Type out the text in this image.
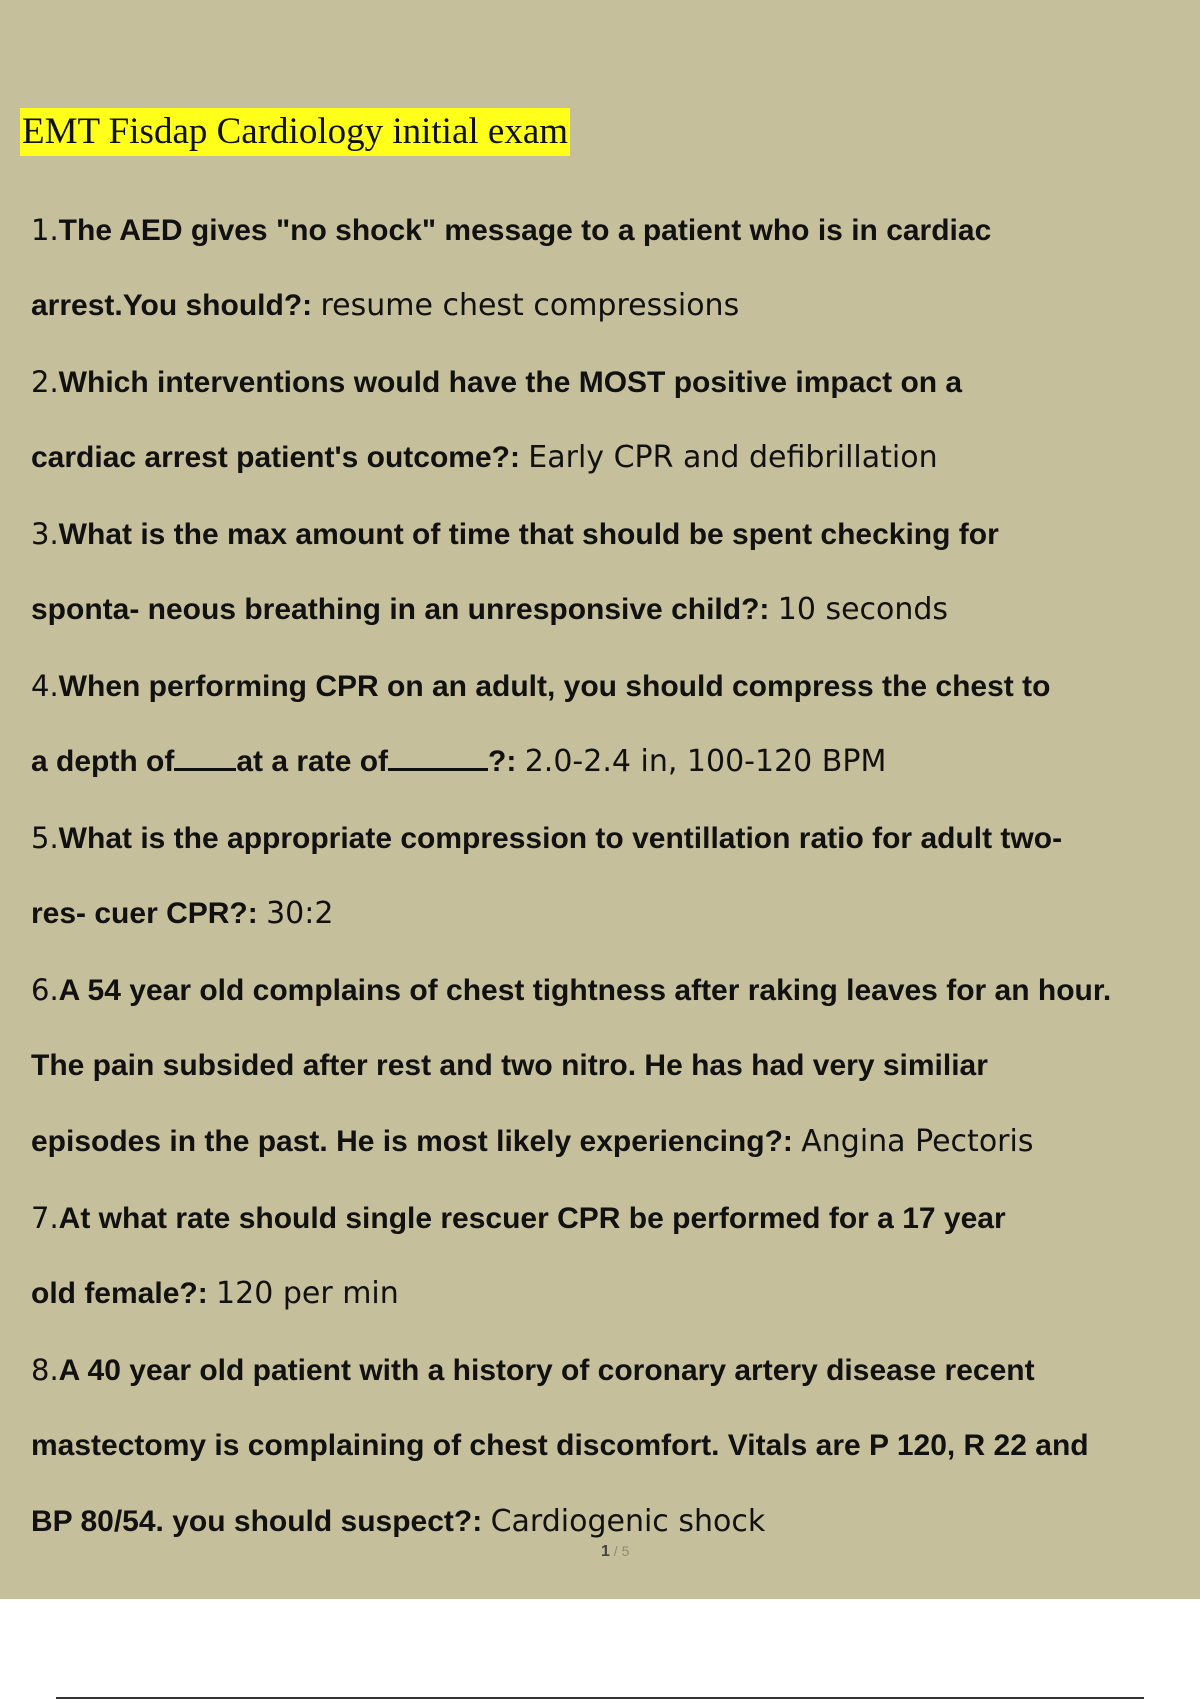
EMT Fisdap Cardiology initial exam
1.The AED gives "no shock" message to a patient who is in cardiac
arrest.You should?: resume chest compressions
2.Which interventions would have the MOST positive impact on a
cardiac arrest patient's outcome?: Early CPR and defibrillation
3.What is the max amount of time that should be spent checking for
sponta- neous breathing in an unresponsive child?: 10 seconds
4.When performing CPR on an adult, you should compress the chest to
a depth of at a rate of	?: 2.0-2.4 in, 100-120 BPM
5.What is the appropriate compression to ventillation ratio for adult two-
res- cuer CPR?: 30:2
6.A 54 year old complains of chest tightness after raking leaves for an hour.
The pain subsided after rest and two nitro. He has had very similiar
episodes in the past. He is most likely experiencing?: Angina Pectoris
7.At what rate should single rescuer CPR be performed for a 17 year
old female?: 120 per min
8.A 40 year old patient with a history of coronary artery disease recent
mastectomy is complaining of chest discomfort. Vitals are P 120, R 22 and
BP 80/54. you should suspect?: Cardiogenic shock
1 / 5
